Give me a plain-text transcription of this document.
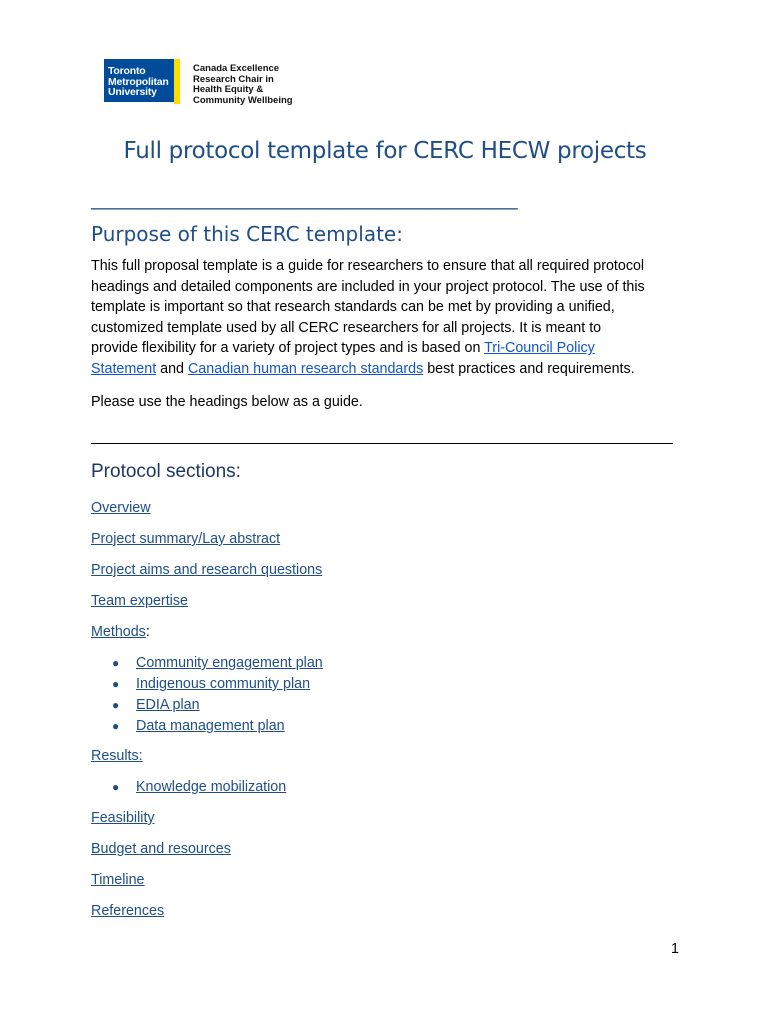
Toronto
Metropolitan
University
Canada Excellence
Research Chair in
Health Equity &
Community Wellbeing
Full protocol template for CERC HECW projects
____________________________________________
Purpose of this CERC template:

This full proposal template is a guide for researchers to ensure that all required protocol
headings and detailed components are included in your project protocol. The use of this
template is important so that research standards can be met by providing a unified,
customized template used by all CERC researchers for all projects. It is meant to
provide flexibility for a variety of project types and is based on Tri-Council Policy
Statement and Canadian human research standards best practices and requirements.

Please use the headings below as a guide.

Protocol sections:
Overview
Project summary/Lay abstract
Project aims and research questions
Team expertise
Methods:
● Community engagement plan
● Indigenous community plan
● EDIA plan
● Data management plan
Results:
● Knowledge mobilization
Feasibility
Budget and resources
Timeline
References
1
